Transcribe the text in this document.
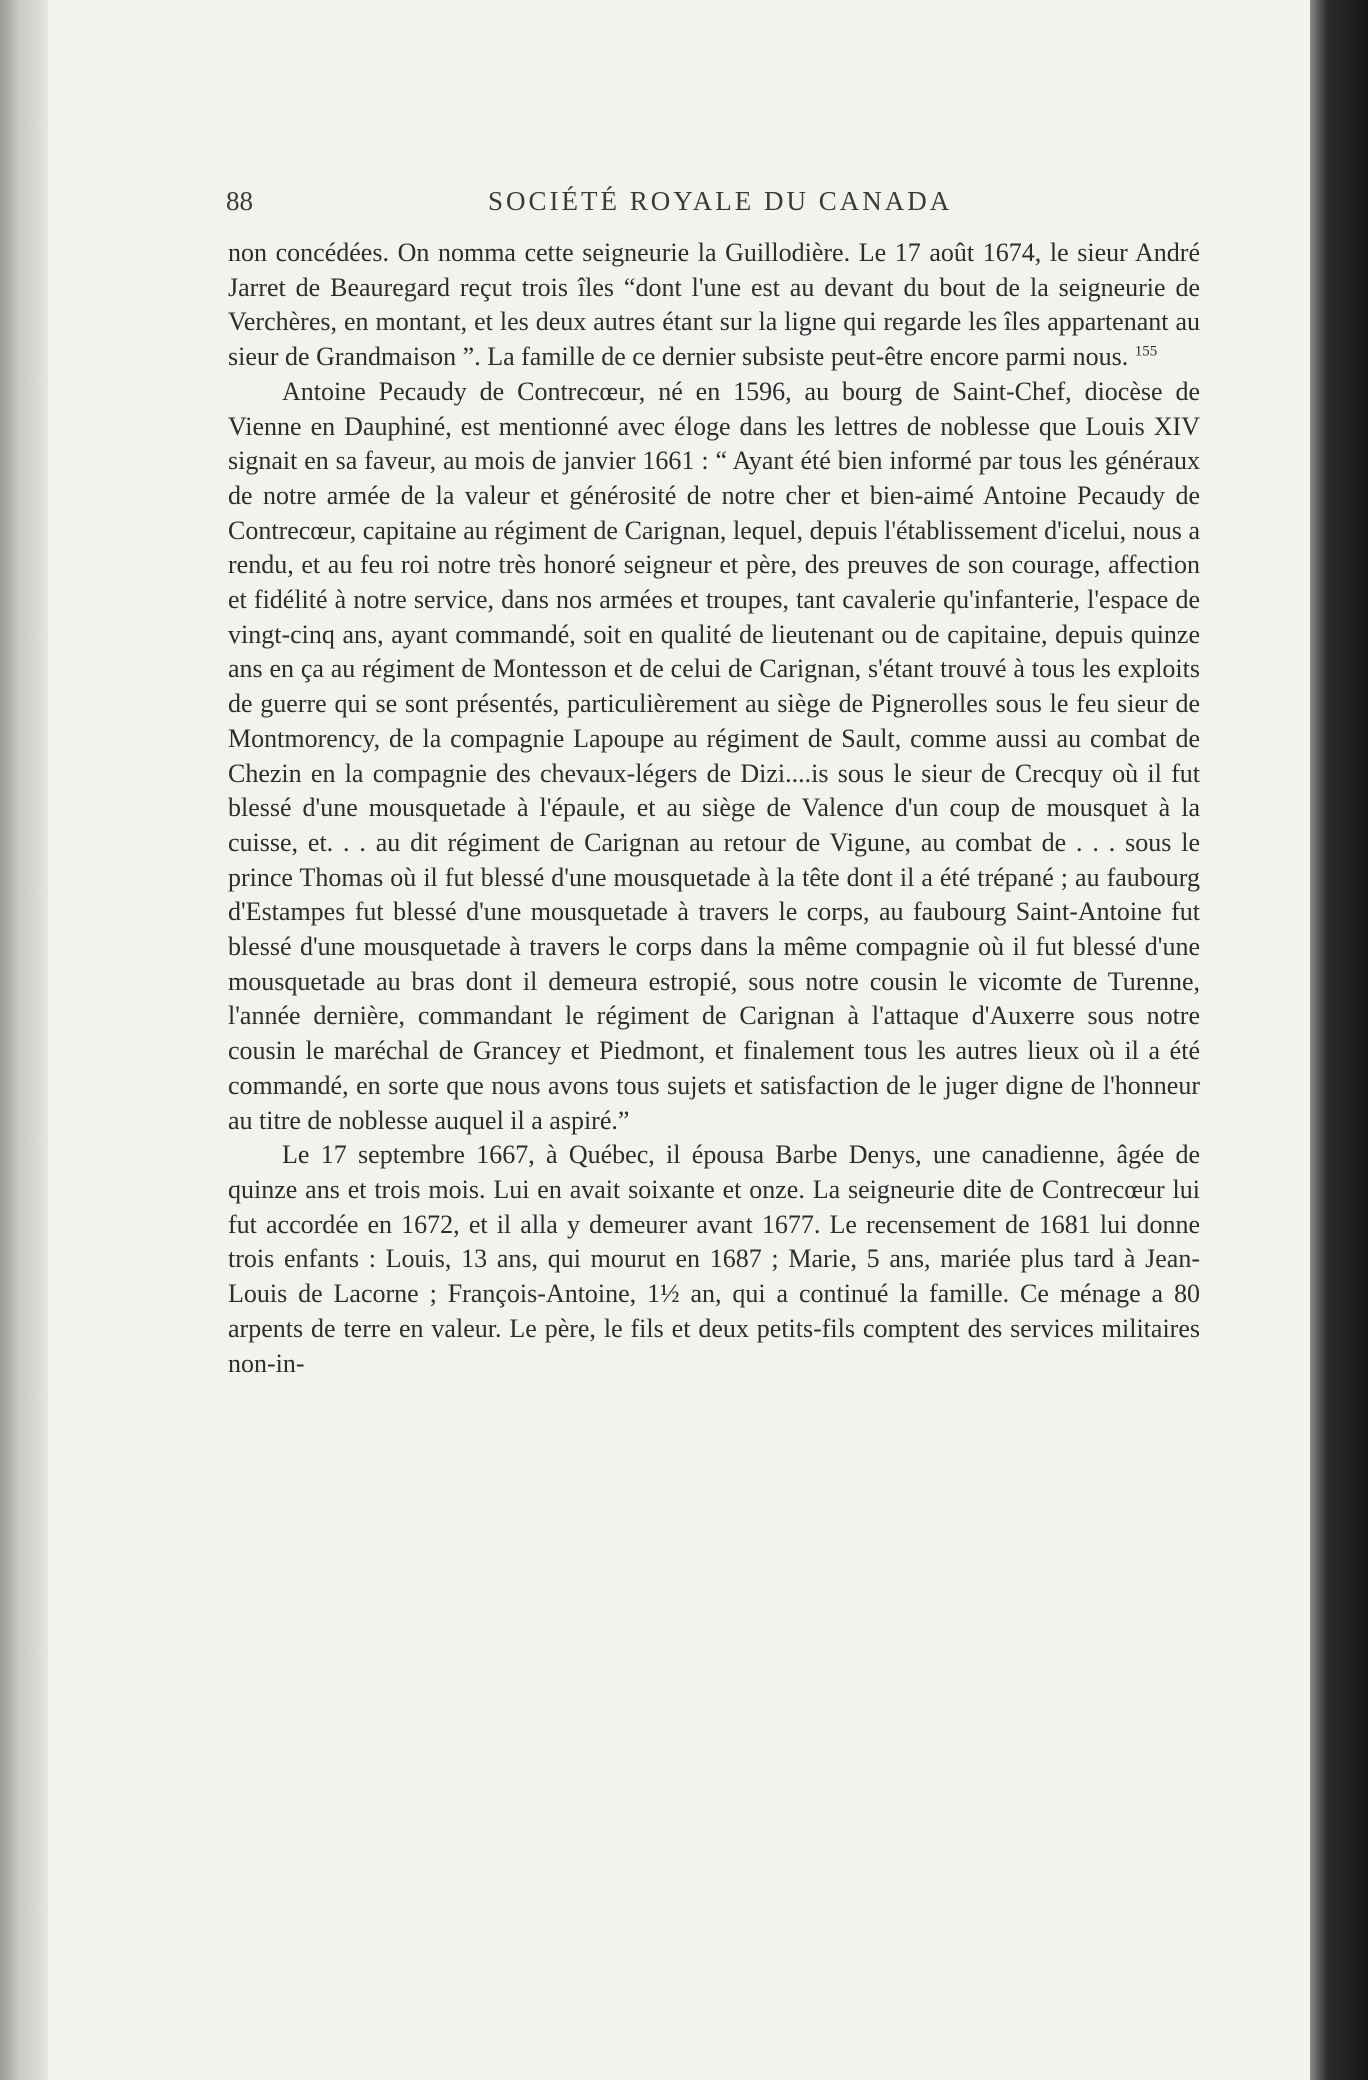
88	SOCIÉTÉ ROYALE DU CANADA

non concédées. On nomma cette seigneurie la Guillodière. Le 17 août 1674, le sieur André Jarret de Beauregard reçut trois îles “dont l'une est au devant du bout de la seigneurie de Verchères, en montant, et les deux autres étant sur la ligne qui regarde les îles appartenant au sieur de Grandmaison ”. La famille de ce dernier subsiste peut-être encore parmi nous. $^{155}$

Antoine Pecaudy de Contrecœur, né en 1596, au bourg de Saint-Chef, diocèse de Vienne en Dauphiné, est mentionné avec éloge dans les lettres de noblesse que Louis XIV signait en sa faveur, au mois de janvier 1661 : “ Ayant été bien informé par tous les généraux de notre armée de la valeur et générosité de notre cher et bien-aimé Antoine Pecaudy de Contrecœur, capitaine au régiment de Carignan, lequel, depuis l'établissement d'icelui, nous a rendu, et au feu roi notre très honoré seigneur et père, des preuves de son courage, affection et fidélité à notre service, dans nos armées et troupes, tant cavalerie qu'infanterie, l'espace de vingt-cinq ans, ayant commandé, soit en qualité de lieutenant ou de capitaine, depuis quinze ans en ça au régiment de Montesson et de celui de Carignan, s'étant trouvé à tous les exploits de guerre qui se sont présentés, particulièrement au siège de Pignerolles sous le feu sieur de Montmorency, de la compagnie Lapoupe au régiment de Sault, comme aussi au combat de Chezin en la compagnie des chevaux-légers de Dizi....is sous le sieur de Crecquy où il fut blessé d'une mousquetade à l'épaule, et au siège de Valence d'un coup de mousquet à la cuisse, et. . . au dit régiment de Carignan au retour de Vigune, au combat de . . . sous le prince Thomas où il fut blessé d'une mousquetade à la tête dont il a été trépané ; au faubourg d'Estampes fut blessé d'une mousquetade à travers le corps, au faubourg Saint-Antoine fut blessé d'une mousquetade à travers le corps dans la même compagnie où il fut blessé d'une mousquetade au bras dont il demeura estropié, sous notre cousin le vicomte de Turenne, l'année dernière, commandant le régiment de Carignan à l'attaque d'Auxerre sous notre cousin le maréchal de Grancey et Piedmont, et finalement tous les autres lieux où il a été commandé, en sorte que nous avons tous sujets et satisfaction de le juger digne de l'honneur au titre de noblesse auquel il a aspiré.”

Le 17 septembre 1667, à Québec, il épousa Barbe Denys, une canadienne, âgée de quinze ans et trois mois. Lui en avait soixante et onze. La seigneurie dite de Contrecœur lui fut accordée en 1672, et il alla y demeurer avant 1677. Le recensement de 1681 lui donne trois enfants : Louis, 13 ans, qui mourut en 1687 ; Marie, 5 ans, mariée plus tard à Jean-Louis de Lacorne ; François-Antoine, 1½ an, qui a continué la famille. Ce ménage a 80 arpents de terre en valeur. Le père, le fils et deux petits-fils comptent des services militaires non-in-
